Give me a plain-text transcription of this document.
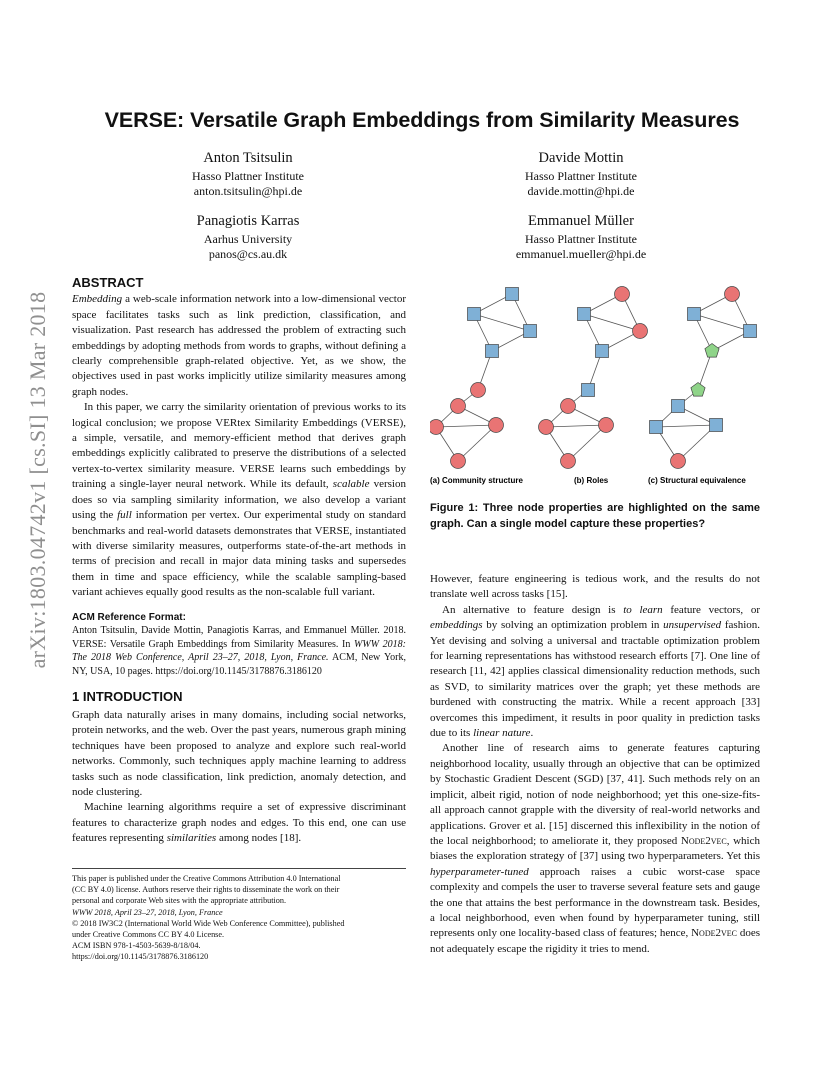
arXiv:1803.04742v1 [cs.SI] 13 Mar 2018
VERSE: Versatile Graph Embeddings from Similarity Measures
Anton Tsitsulin
Hasso Plattner Institute
anton.tsitsulin@hpi.de
Davide Mottin
Hasso Plattner Institute
davide.mottin@hpi.de
Panagiotis Karras
Aarhus University
panos@cs.au.dk
Emmanuel Müller
Hasso Plattner Institute
emmanuel.mueller@hpi.de
ABSTRACT

Embedding a web-scale information network into a low-dimensional vector space facilitates tasks such as link prediction, classification, and visualization. Past research has addressed the problem of extracting such embeddings by adopting methods from words to graphs, without defining a clearly comprehensible graph-related objective. Yet, as we show, the objectives used in past works implicitly utilize similarity measures among graph nodes.

In this paper, we carry the similarity orientation of previous works to its logical conclusion; we propose VERtex Similarity Embeddings (VERSE), a simple, versatile, and memory-efficient method that derives graph embeddings explicitly calibrated to preserve the distributions of a selected vertex-to-vertex similarity measure. VERSE learns such embeddings by training a single-layer neural network. While its default, scalable version does so via sampling similarity information, we also develop a variant using the full information per vertex. Our experimental study on standard benchmarks and real-world datasets demonstrates that VERSE, instantiated with diverse similarity measures, outperforms state-of-the-art methods in terms of precision and recall in major data mining tasks and supersedes them in time and space efficiency, while the scalable sampling-based variant achieves equally good results as the non-scalable full variant.

ACM Reference Format:
Anton Tsitsulin, Davide Mottin, Panagiotis Karras, and Emmanuel Müller. 2018. VERSE: Versatile Graph Embeddings from Similarity Measures. In WWW 2018: The 2018 Web Conference, April 23–27, 2018, Lyon, France. ACM, New York, NY, USA, 10 pages. https://doi.org/10.1145/3178876.3186120
1 INTRODUCTION

Graph data naturally arises in many domains, including social networks, protein networks, and the web. Over the past years, numerous graph mining techniques have been proposed to analyze and explore such real-world networks. Commonly, such techniques apply machine learning to address tasks such as node classification, link prediction, anomaly detection, and node clustering.

Machine learning algorithms require a set of expressive discriminant features to characterize graph nodes and edges. To this end, one can use features representing similarities among nodes [18].

This paper is published under the Creative Commons Attribution 4.0 International
(CC BY 4.0) license. Authors reserve their rights to disseminate the work on their
personal and corporate Web sites with the appropriate attribution.
WWW 2018, April 23–27, 2018, Lyon, France
© 2018 IW3C2 (International World Wide Web Conference Committee), published
under Creative Commons CC BY 4.0 License.
ACM ISBN 978-1-4503-5639-8/18/04.
https://doi.org/10.1145/3178876.3186120
(a) Community structure	(b) Roles	(c) Structural equivalence
Figure 1: Three node properties are highlighted on the same graph. Can a single model capture these properties?

However, feature engineering is tedious work, and the results do not translate well across tasks [15].

An alternative to feature design is to learn feature vectors, or embeddings by solving an optimization problem in unsupervised fashion. Yet devising and solving a universal and tractable optimization problem for learning representations has withstood research efforts [7]. One line of research [11, 42] applies classical dimensionality reduction methods, such as SVD, to similarity matrices over the graph; yet these methods are burdened with constructing the matrix. While a recent approach [33] overcomes this impediment, it results in poor quality in prediction tasks due to its linear nature.

Another line of research aims to generate features capturing neighborhood locality, usually through an objective that can be optimized by Stochastic Gradient Descent (SGD) [37, 41]. Such methods rely on an implicit, albeit rigid, notion of node neighborhood; yet this one-size-fits-all approach cannot grapple with the diversity of real-world networks and applications. Grover et al. [15] discerned this inflexibility in the notion of the local neighborhood; to ameliorate it, they proposed Node2vec, which biases the exploration strategy of [37] using two hyperparameters. Yet this hyperparameter-tuned approach raises a cubic worst-case space complexity and compels the user to traverse several feature sets and gauge the one that attains the best performance in the downstream task. Besides, a local neighborhood, even when found by hyperparameter tuning, still represents only one locality-based class of features; hence, Node2vec does not adequately escape the rigidity it tries to mend.
